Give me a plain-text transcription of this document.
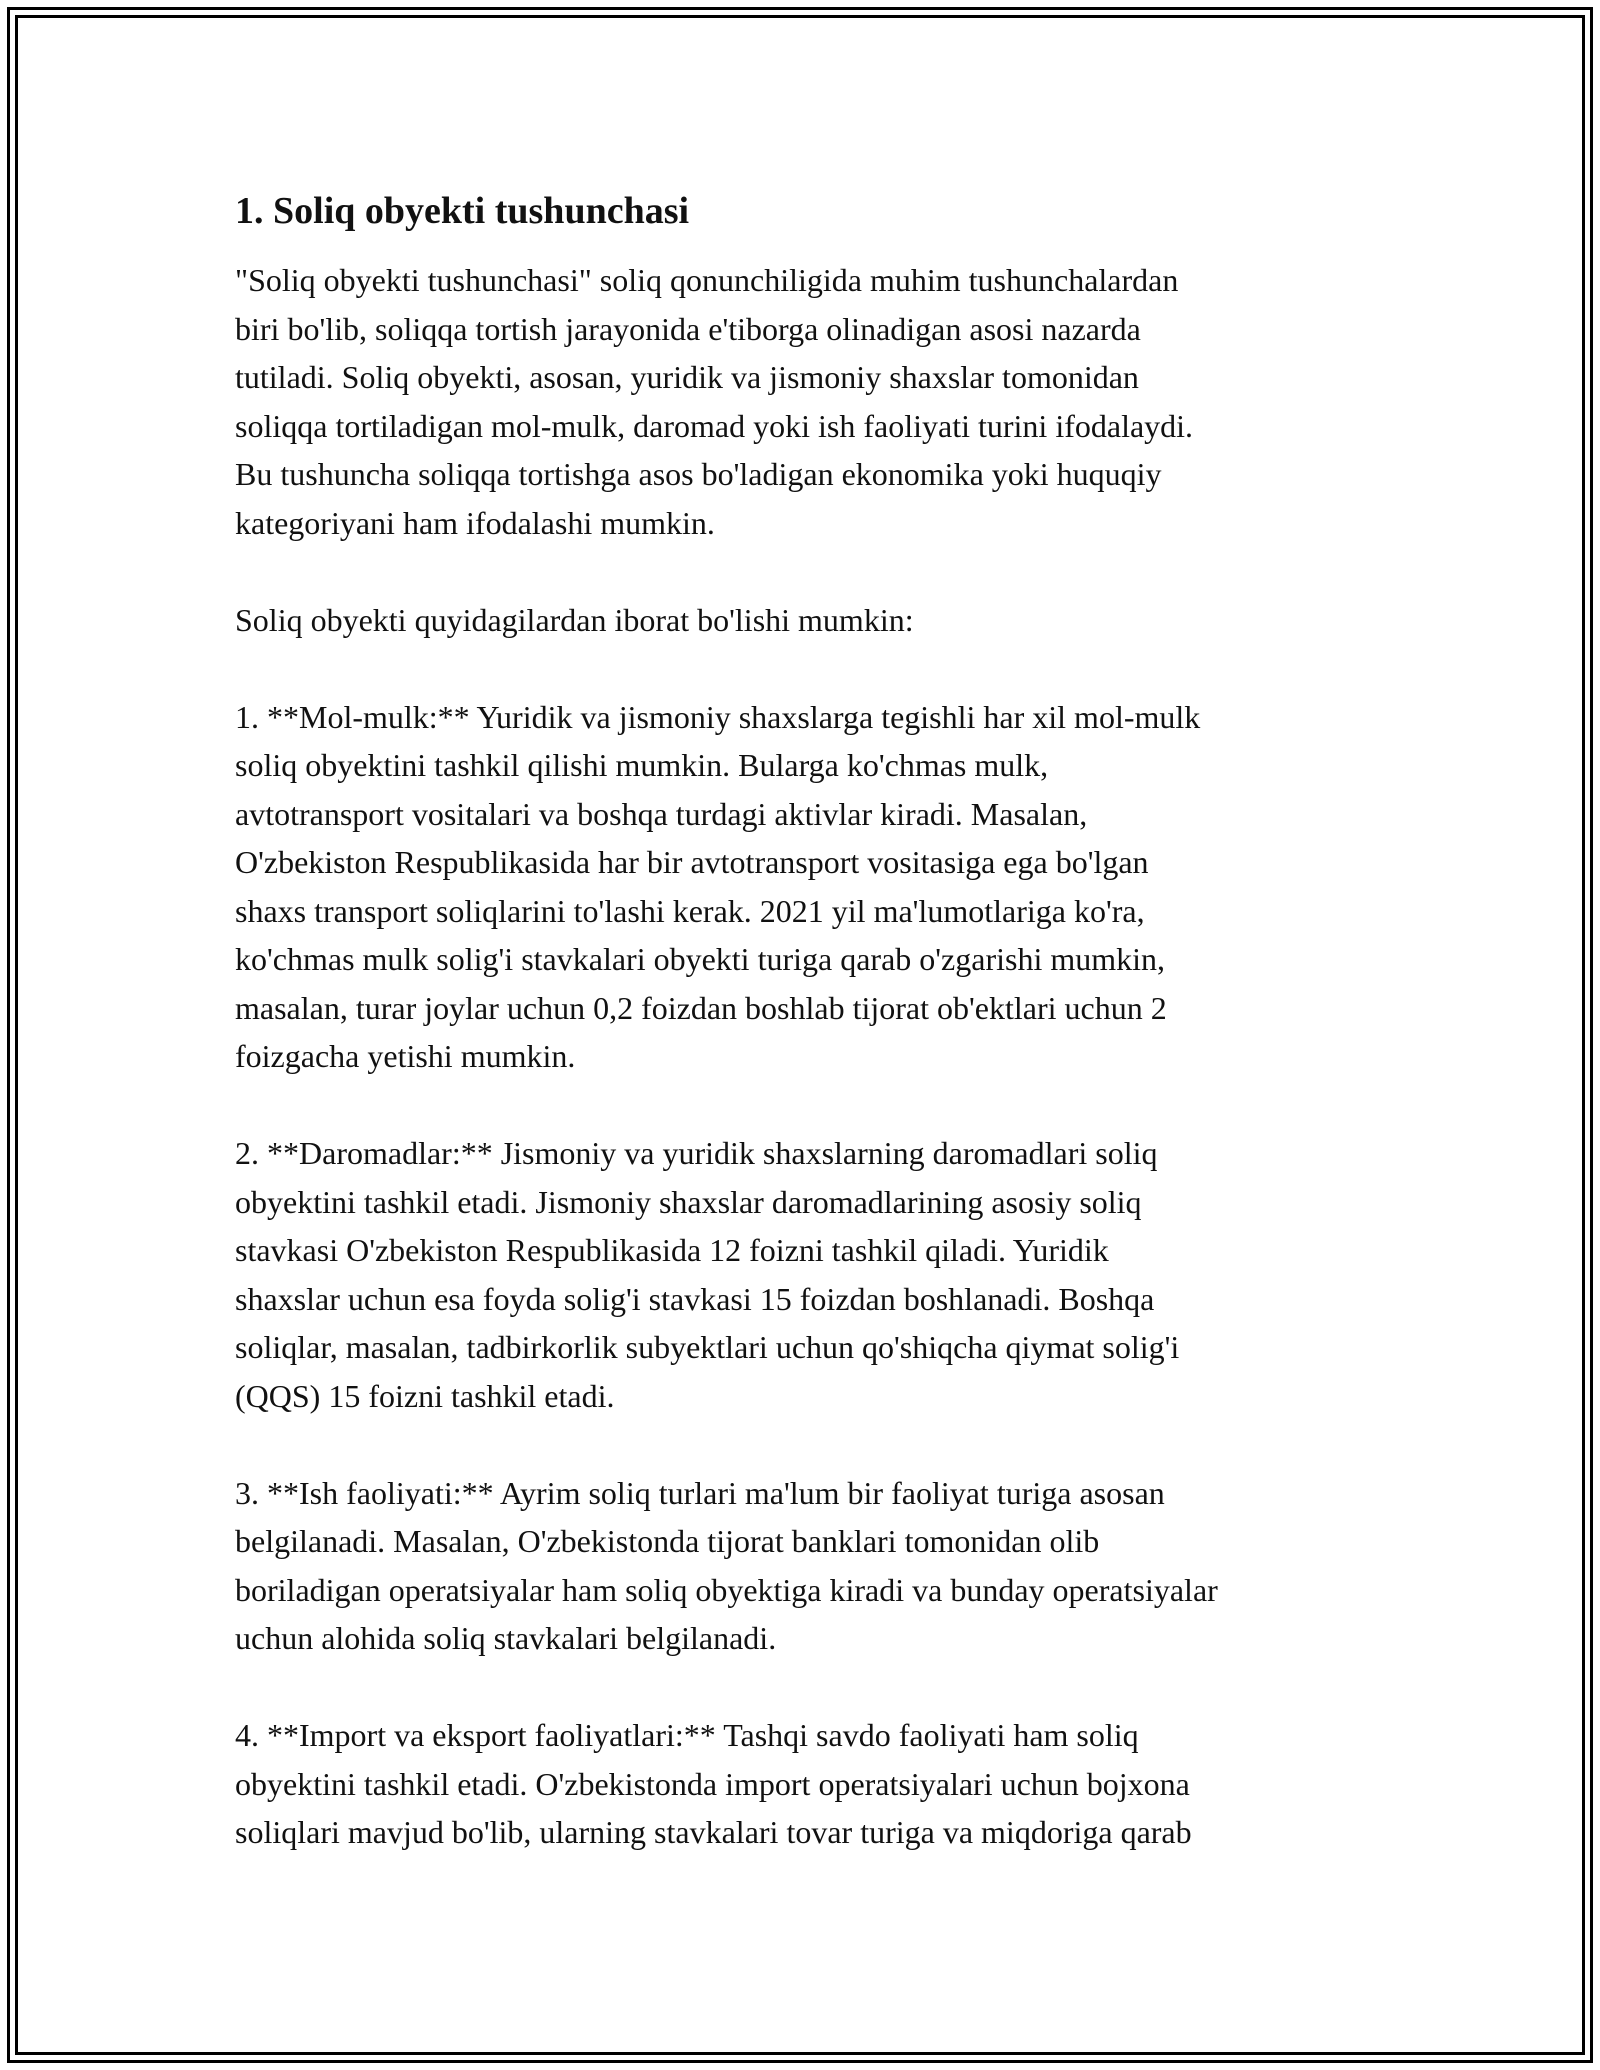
1. Soliq obyekti tushunchasi
"Soliq obyekti tushunchasi" soliq qonunchiligida muhim tushunchalardan
biri bo'lib, soliqqa tortish jarayonida e'tiborga olinadigan asosi nazarda
tutiladi. Soliq obyekti, asosan, yuridik va jismoniy shaxslar tomonidan
soliqqa tortiladigan mol-mulk, daromad yoki ish faoliyati turini ifodalaydi.
Bu tushuncha soliqqa tortishga asos bo'ladigan ekonomika yoki huquqiy
kategoriyani ham ifodalashi mumkin.
Soliq obyekti quyidagilardan iborat bo'lishi mumkin:
1. **Mol-mulk:** Yuridik va jismoniy shaxslarga tegishli har xil mol-mulk
soliq obyektini tashkil qilishi mumkin. Bularga ko'chmas mulk,
avtotransport vositalari va boshqa turdagi aktivlar kiradi. Masalan,
O'zbekiston Respublikasida har bir avtotransport vositasiga ega bo'lgan
shaxs transport soliqlarini to'lashi kerak. 2021 yil ma'lumotlariga ko'ra,
ko'chmas mulk solig'i stavkalari obyekti turiga qarab o'zgarishi mumkin,
masalan, turar joylar uchun 0,2 foizdan boshlab tijorat ob'ektlari uchun 2
foizgacha yetishi mumkin.
2. **Daromadlar:** Jismoniy va yuridik shaxslarning daromadlari soliq
obyektini tashkil etadi. Jismoniy shaxslar daromadlarining asosiy soliq
stavkasi O'zbekiston Respublikasida 12 foizni tashkil qiladi. Yuridik
shaxslar uchun esa foyda solig'i stavkasi 15 foizdan boshlanadi. Boshqa
soliqlar, masalan, tadbirkorlik subyektlari uchun qo'shiqcha qiymat solig'i
(QQS) 15 foizni tashkil etadi.
3. **Ish faoliyati:** Ayrim soliq turlari ma'lum bir faoliyat turiga asosan
belgilanadi. Masalan, O'zbekistonda tijorat banklari tomonidan olib
boriladigan operatsiyalar ham soliq obyektiga kiradi va bunday operatsiyalar
uchun alohida soliq stavkalari belgilanadi.
4. **Import va eksport faoliyatlari:** Tashqi savdo faoliyati ham soliq
obyektini tashkil etadi. O'zbekistonda import operatsiyalari uchun bojxona
soliqlari mavjud bo'lib, ularning stavkalari tovar turiga va miqdoriga qarab
